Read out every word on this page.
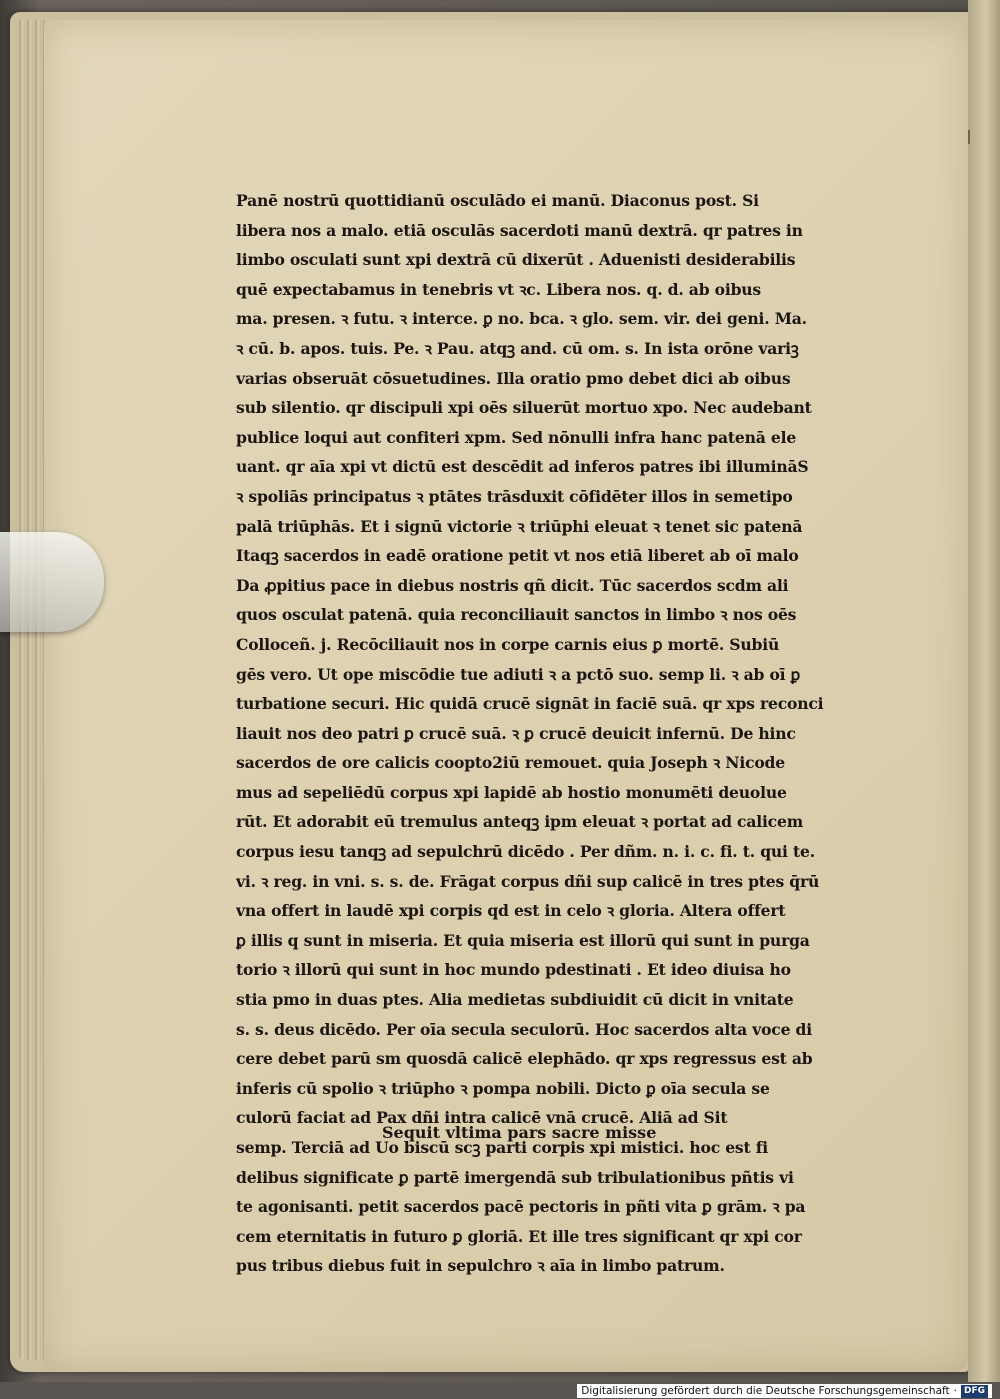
Panē nostrū quottidianū osculādo ei manū. Diaconus post. Si
libera nos a malo. etiā osculās sacerdoti manū dextrā. qr patres in
limbo osculati sunt xpi dextrā cū dixerūt . Aduenisti desiderabilis
quē expectabamus in tenebris vt ꝛc. Libera nos. q. d. ab oibus
ma. presen. ꝛ futu. ꝛ interce. ꝑ no. bca. ꝛ glo. sem. vir. dei geni. Ma.
ꝛ cū. b. apos. tuis. Pe. ꝛ Pau. atqꝫ and. cū om. s. In ista orōne variꝫ
varias obseruāt cōsuetudines. Illa oratio pmo debet dici ab oibus
sub silentio. qr discipuli xpi oēs siluerūt mortuo xpo. Nec audebant
publice loqui aut confiteri xpm. Sed nōnulli infra hanc patenā ele
uant. qr aīa xpi vt dictū est descēdit ad inferos patres ibi illumināS
ꝛ spoliās principatus ꝛ ptātes trāsduxit cōfidēter illos in semetipo
palā triūphās. Et i signū victorie ꝛ triūphi eleuat ꝛ tenet sic patenā
Itaqꝫ sacerdos in eadē oratione petit vt nos etiā liberet ab oī malo
Da ꝓpitius pace in diebus nostris qñ dicit. Tūc sacerdos scdm ali
quos osculat patenā. quia reconciliauit sanctos in limbo ꝛ nos oēs
Colloceñ. j. Recōciliauit nos in corpe carnis eius ꝑ mortē. Subiū
gēs vero. Ut ope miscōdie tue adiuti ꝛ a pctō suo. semp li. ꝛ ab oī ꝑ
turbatione securi. Hic quidā crucē signāt in faciē suā. qr xps reconci
liauit nos deo patri ꝑ crucē suā. ꝛ ꝑ crucē deuicit infernū. De hinc
sacerdos de ore calicis coopto2iū remouet. quia Joseph ꝛ Nicode
mus ad sepeliēdū corpus xpi lapidē ab hostio monumēti deuolue
rūt. Et adorabit eū tremulus anteqꝫ ipm eleuat ꝛ portat ad calicem
corpus iesu tanqꝫ ad sepulchrū dicēdo . Per dñm. n. i. c. fi. t. qui te.
vi. ꝛ reg. in vni. s. s. de. Frāgat corpus dñi sup calicē in tres ptes q̄rū
vna offert in laudē xpi corpis qd est in celo ꝛ gloria. Altera offert
ꝑ illis q sunt in miseria. Et quia miseria est illorū qui sunt in purga
torio ꝛ illorū qui sunt in hoc mundo pdestinati . Et ideo diuisa ho
stia pmo in duas ptes. Alia medietas subdiuidit cū dicit in vnitate
s. s. deus dicēdo. Per oīa secula seculorū. Hoc sacerdos alta voce di
cere debet parū sm quosdā calicē elephādo. qr xps regressus est ab
inferis cū spolio ꝛ triūpho ꝛ pompa nobili. Dicto ꝑ oīa secula se
culorū faciat ad Pax dñi intra calicē vnā crucē. Aliā ad Sit
semp. Terciā ad Uo biscū scꝫ parti corpis xpi mistici. hoc est fi
delibus significate ꝑ partē imergendā sub tribulationibus pñtis vi
te agonisanti. petit sacerdos pacē pectoris in pñti vita ꝑ grām. ꝛ pa
cem eternitatis in futuro ꝑ gloriā. Et ille tres significant qr xpi cor
pus tribus diebus fuit in sepulchro ꝛ aīa in limbo patrum.
Sequit vltima pars sacre misse
Digitalisierung gefördert durch die Deutsche Forschungsgemeinschaft · DFG
